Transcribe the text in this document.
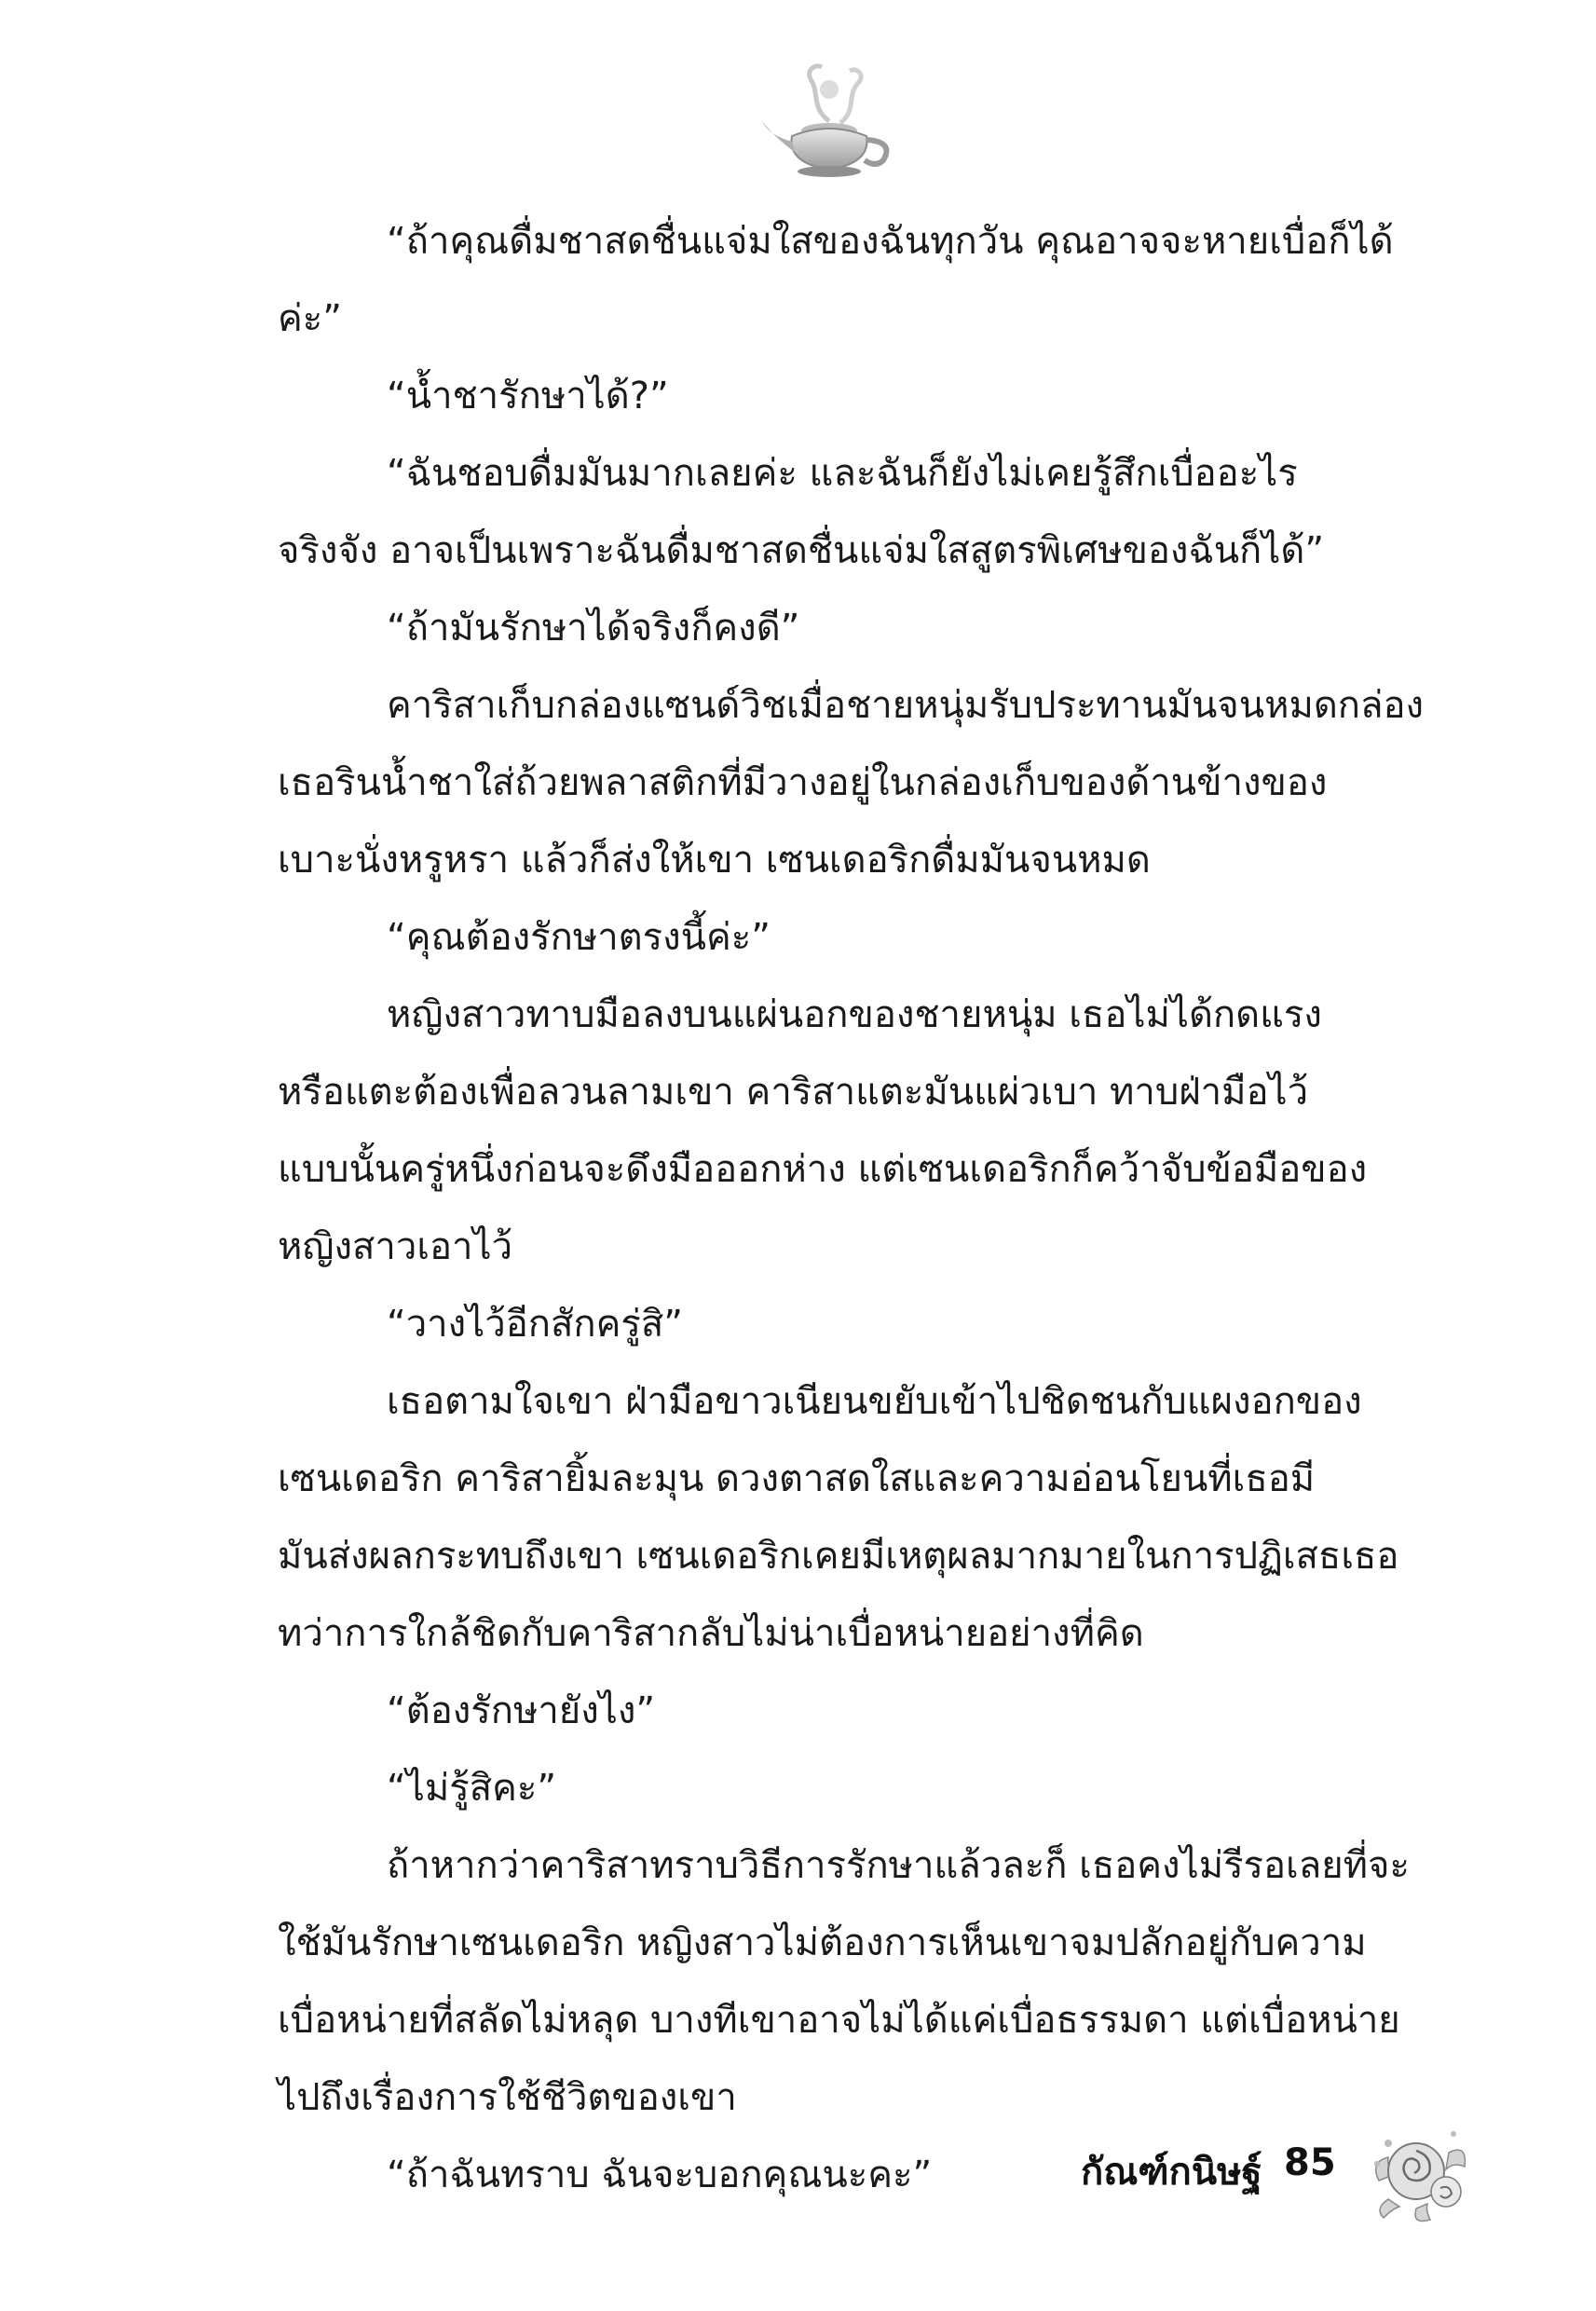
“ถ้าคุณดื่มชาสดชื่นแจ่มใสของฉันทุกวัน คุณอาจจะหายเบื่อก็ได้
ค่ะ”
“น้ำชารักษาได้?”
“ฉันชอบดื่มมันมากเลยค่ะ และฉันก็ยังไม่เคยรู้สึกเบื่ออะไร
จริงจัง อาจเป็นเพราะฉันดื่มชาสดชื่นแจ่มใสสูตรพิเศษของฉันก็ได้”
“ถ้ามันรักษาได้จริงก็คงดี”
คาริสาเก็บกล่องแซนด์วิชเมื่อชายหนุ่มรับประทานมันจนหมดกล่อง
เธอรินน้ำชาใส่ถ้วยพลาสติกที่มีวางอยู่ในกล่องเก็บของด้านข้างของ
เบาะนั่งหรูหรา แล้วก็ส่งให้เขา เซนเดอริกดื่มมันจนหมด
“คุณต้องรักษาตรงนี้ค่ะ”
หญิงสาวทาบมือลงบนแผ่นอกของชายหนุ่ม เธอไม่ได้กดแรง
หรือแตะต้องเพื่อลวนลามเขา คาริสาแตะมันแผ่วเบา ทาบฝ่ามือไว้
แบบนั้นครู่หนึ่งก่อนจะดึงมือออกห่าง แต่เซนเดอริกก็คว้าจับข้อมือของ
หญิงสาวเอาไว้
“วางไว้อีกสักครู่สิ”
เธอตามใจเขา ฝ่ามือขาวเนียนขยับเข้าไปชิดชนกับแผงอกของ
เซนเดอริก คาริสายิ้มละมุน ดวงตาสดใสและความอ่อนโยนที่เธอมี
มันส่งผลกระทบถึงเขา เซนเดอริกเคยมีเหตุผลมากมายในการปฏิเสธเธอ
ทว่าการใกล้ชิดกับคาริสากลับไม่น่าเบื่อหน่ายอย่างที่คิด
“ต้องรักษายังไง”
“ไม่รู้สิคะ”
ถ้าหากว่าคาริสาทราบวิธีการรักษาแล้วละก็ เธอคงไม่รีรอเลยที่จะ
ใช้มันรักษาเซนเดอริก หญิงสาวไม่ต้องการเห็นเขาจมปลักอยู่กับความ
เบื่อหน่ายที่สลัดไม่หลุด บางทีเขาอาจไม่ได้แค่เบื่อธรรมดา แต่เบื่อหน่าย
ไปถึงเรื่องการใช้ชีวิตของเขา
“ถ้าฉันทราบ ฉันจะบอกคุณนะคะ”	กัณฑ์กนิษฐ์ 85
